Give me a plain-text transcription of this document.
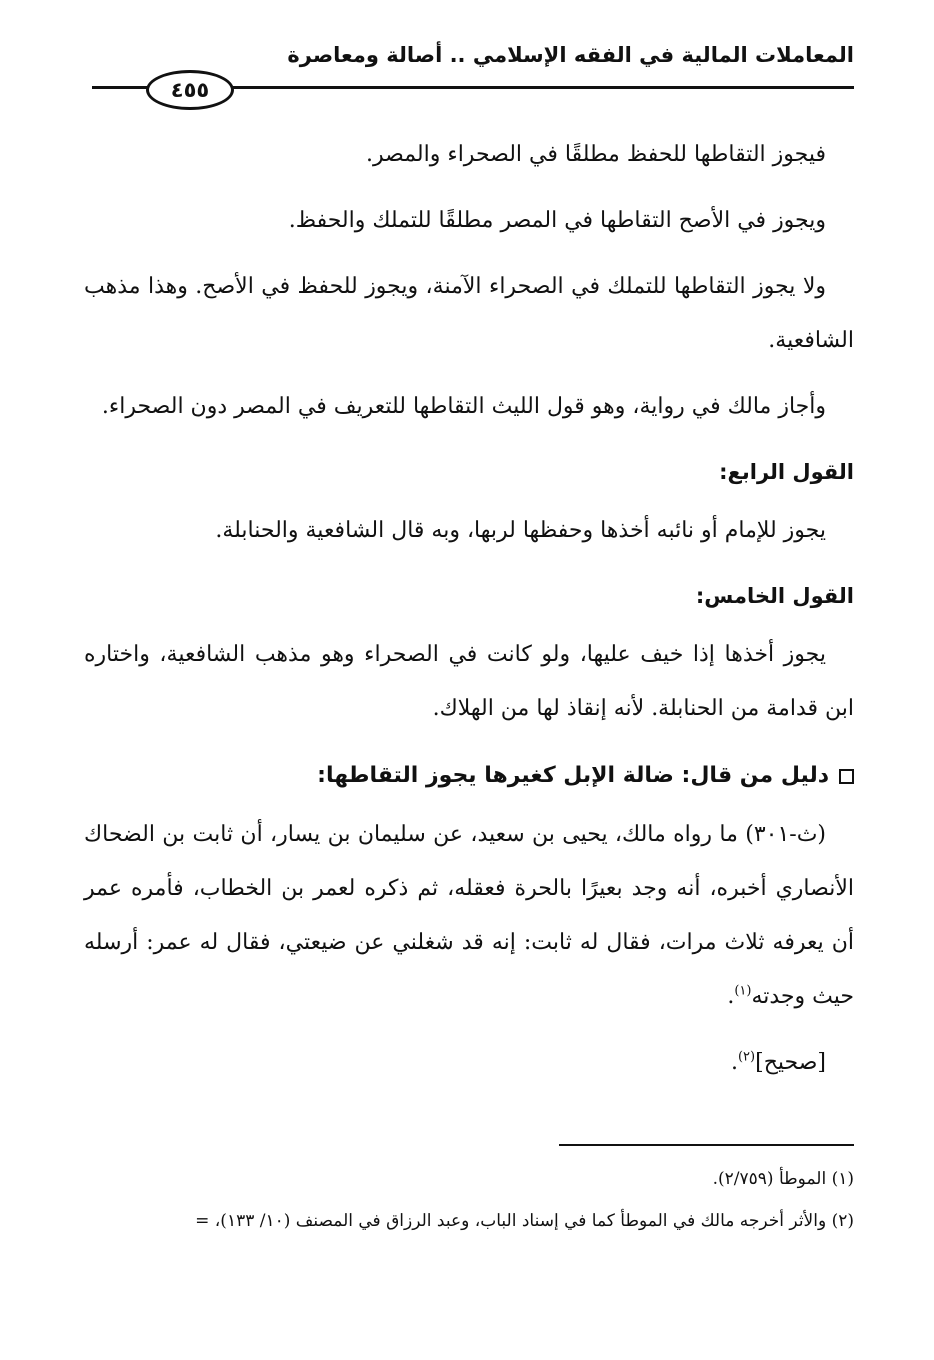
المعاملات المالية في الفقه الإسلامي .. أصالة ومعاصرة
٤٥٥

فيجوز التقاطها للحفظ مطلقًا في الصحراء والمصر.

ويجوز في الأصح التقاطها في المصر مطلقًا للتملك والحفظ.

ولا يجوز التقاطها للتملك في الصحراء الآمنة، ويجوز للحفظ في الأصح. وهذا مذهب الشافعية.

وأجاز مالك في رواية، وهو قول الليث التقاطها للتعريف في المصر دون الصحراء.

القول الرابع:

يجوز للإمام أو نائبه أخذها وحفظها لربها، وبه قال الشافعية والحنابلة.

القول الخامس:

يجوز أخذها إذا خيف عليها، ولو كانت في الصحراء وهو مذهب الشافعية، واختاره ابن قدامة من الحنابلة. لأنه إنقاذ لها من الهلاك.

دليل من قال: ضالة الإبل كغيرها يجوز التقاطها:

(ث-٣٠١) ما رواه مالك، يحيى بن سعيد، عن سليمان بن يسار، أن ثابت بن الضحاك الأنصاري أخبره، أنه وجد بعيرًا بالحرة فعقله، ثم ذكره لعمر بن الخطاب، فأمره عمر أن يعرفه ثلاث مرات، فقال له ثابت: إنه قد شغلني عن ضيعتي، فقال له عمر: أرسله حيث وجدته$^{(١)}$.

[صحيح]$^{(٢)}$.

(١) الموطأ (٢/٧٥٩).

(٢) والأثر أخرجه مالك في الموطأ كما في إسناد الباب، وعبد الرزاق في المصنف (١٠/ ١٣٣)، =
